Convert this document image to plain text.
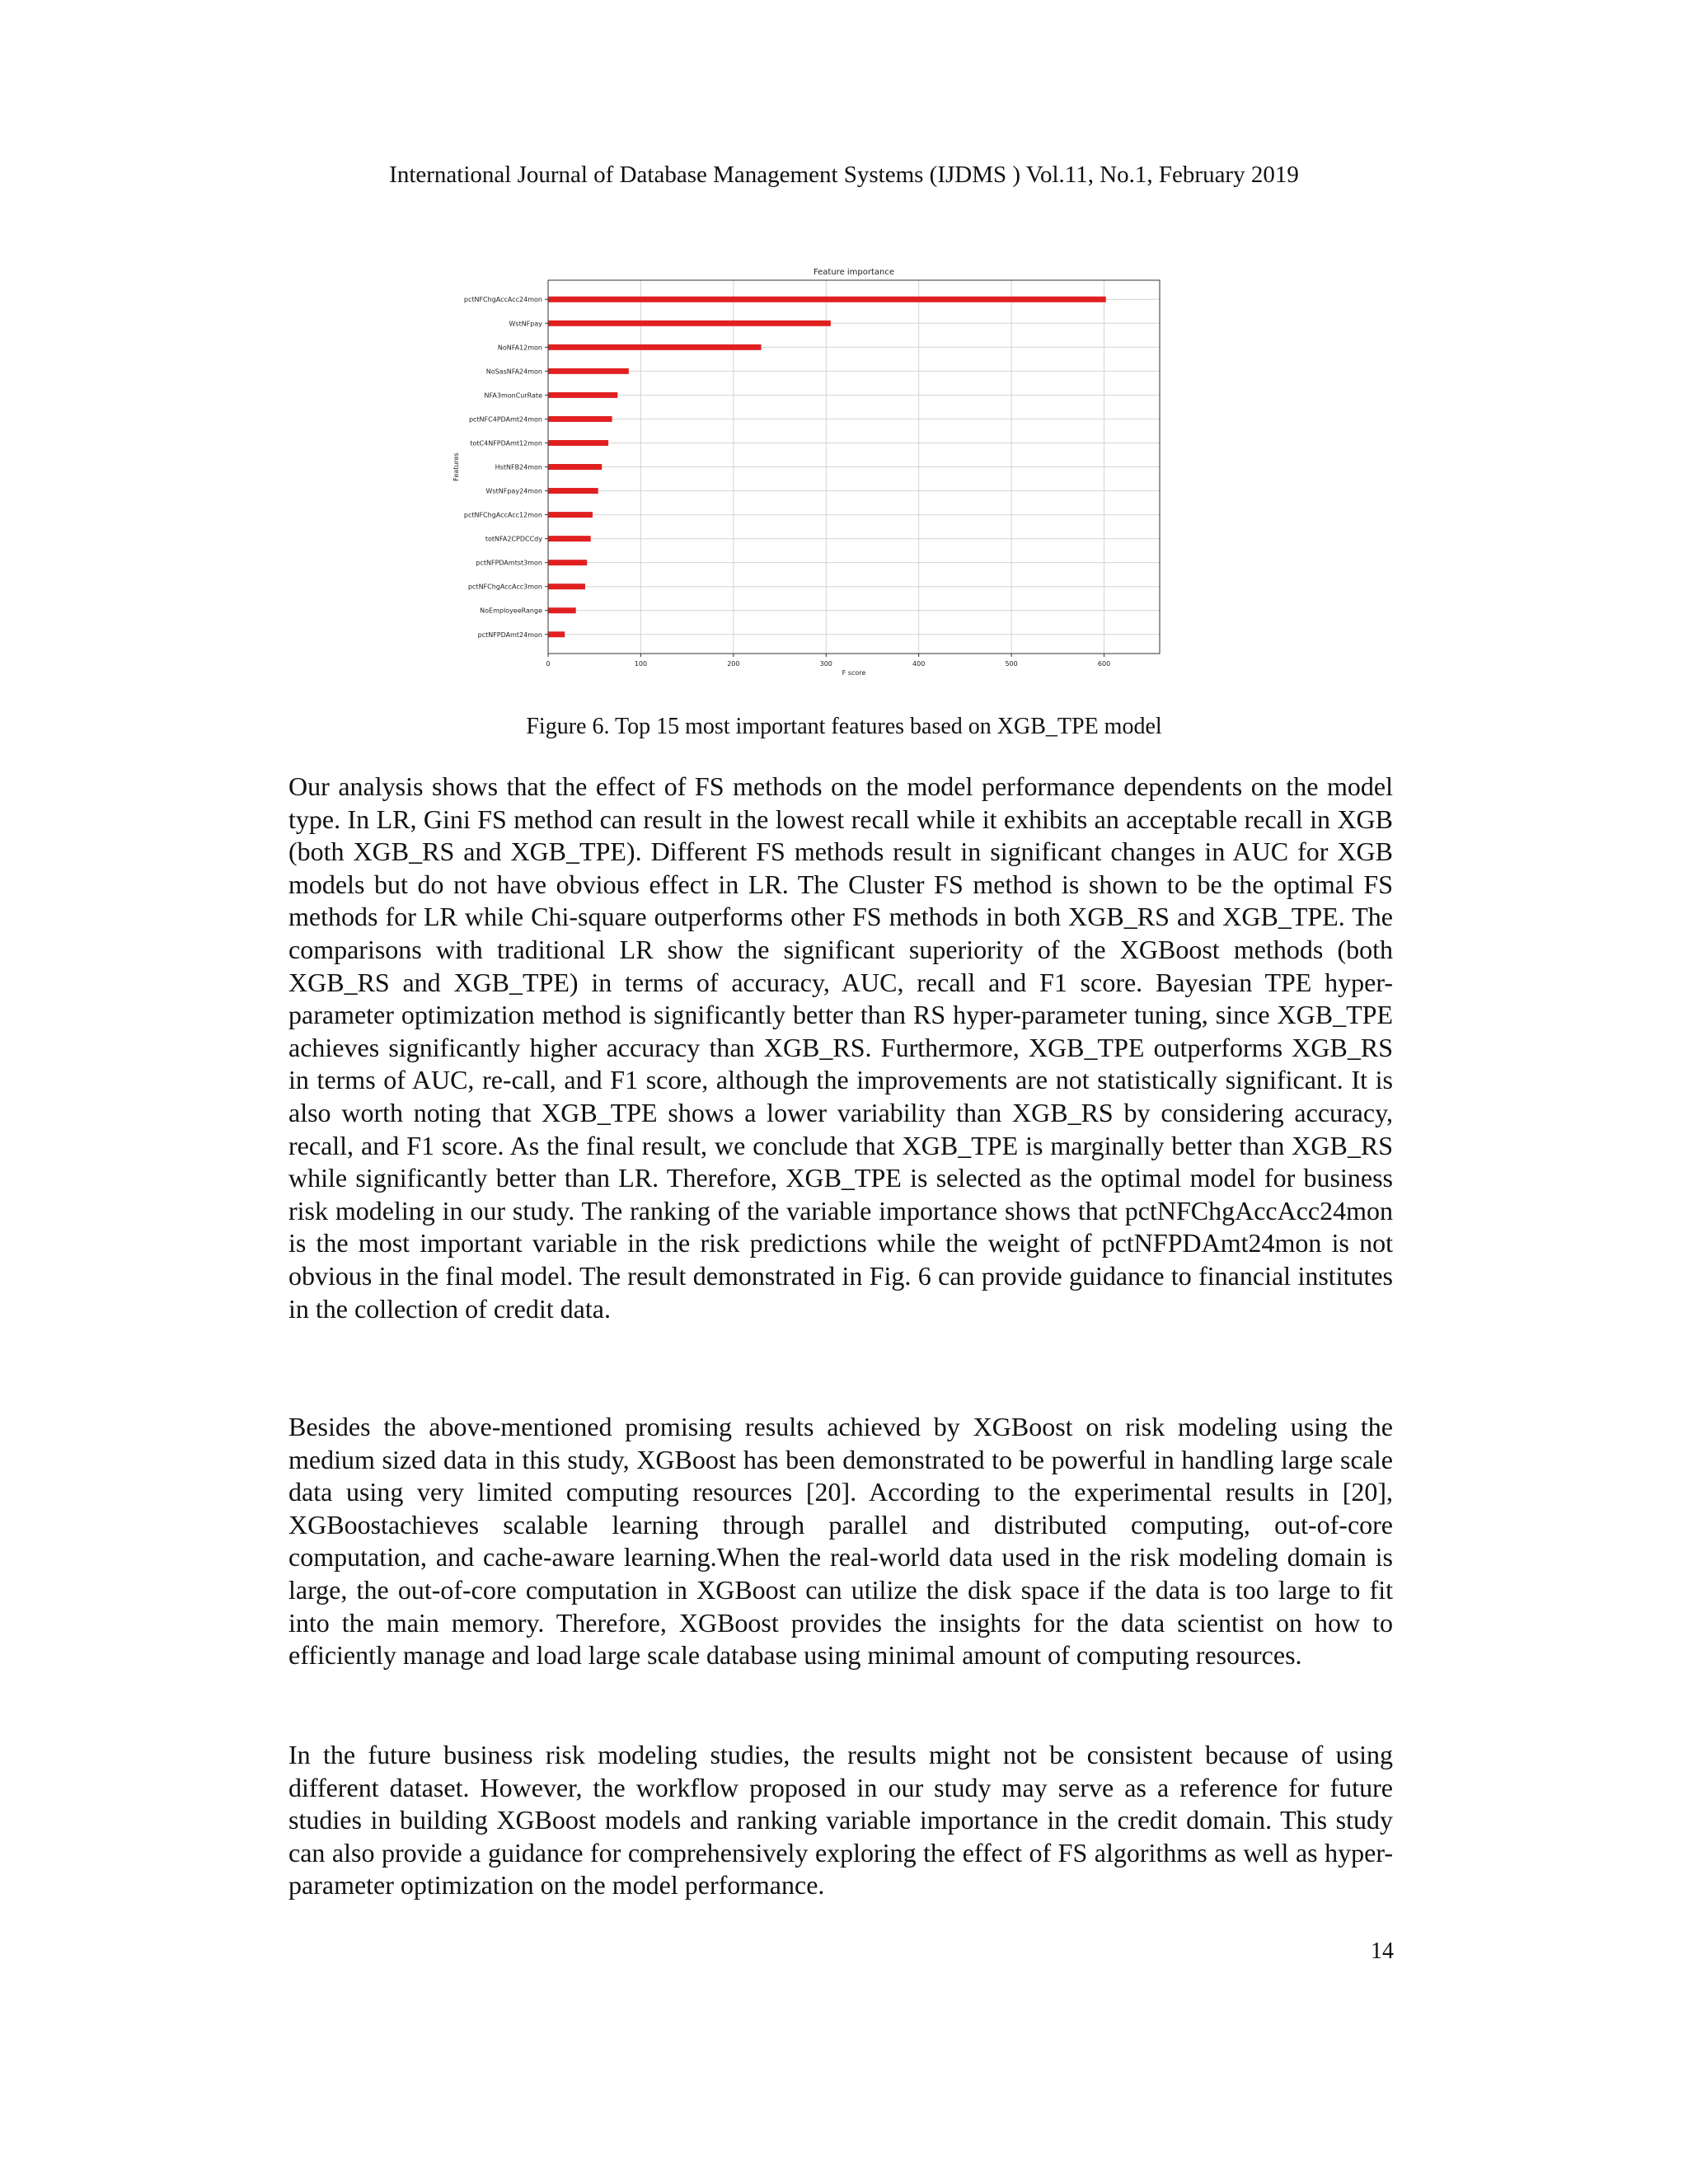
International Journal of Database Management Systems (IJDMS ) Vol.11, No.1, February 2019
Feature importance
pctNFChgAccAcc24mon
WstNFpay
NoNFA12mon
NoSasNFA24mon
NFA3monCurRate
pctNFC4PDAmt24mon
totC4NFPDAmt12mon
HstNFB24mon
WstNFpay24mon
pctNFChgAccAcc12mon
totNFA2CPDCCdy
pctNFPDAmtst3mon
pctNFChgAccAcc3mon
NoEmployeeRange
pctNFPDAmt24mon
0	100	200	300	400	500	600
F score
Features
Figure 6. Top 15 most important features based on XGB_TPE model

Our analysis shows that the effect of FS methods on the model performance dependents on the model type. In LR, Gini FS method can result in the lowest recall while it exhibits an acceptable recall in XGB (both XGB_RS and XGB_TPE). Different FS methods result in significant changes in AUC for XGB models but do not have obvious effect in LR. The Cluster FS method is shown to be the optimal FS methods for LR while Chi-square outperforms other FS methods in both XGB_RS and XGB_TPE. The comparisons with traditional LR show the significant superiority of the XGBoost methods (both XGB_RS and XGB_TPE) in terms of accuracy, AUC, recall and F1 score. Bayesian TPE hyper-parameter optimization method is significantly better than RS hyper-parameter tuning, since XGB_TPE achieves significantly higher accuracy than XGB_RS. Furthermore, XGB_TPE outperforms XGB_RS in terms of AUC, re-call, and F1 score, although the improvements are not statistically significant. It is also worth noting that XGB_TPE shows a lower variability than XGB_RS by considering accuracy, recall, and F1 score. As the final result, we conclude that XGB_TPE is marginally better than XGB_RS while significantly better than LR. Therefore, XGB_TPE is selected as the optimal model for business risk modeling in our study. The ranking of the variable importance shows that pctNFChgAccAcc24mon is the most important variable in the risk predictions while the weight of pctNFPDAmt24mon is not obvious in the final model. The result demonstrated in Fig. 6 can provide guidance to financial institutes in the collection of credit data.

Besides the above-mentioned promising results achieved by XGBoost on risk modeling using the medium sized data in this study, XGBoost has been demonstrated to be powerful in handling large scale data using very limited computing resources [20]. According to the experimental results in [20], XGBoostachieves scalable learning through parallel and distributed computing, out-of-core computation, and cache-aware learning.When the real-world data used in the risk modeling domain is large, the out-of-core computation in XGBoost can utilize the disk space if the data is too large to fit into the main memory. Therefore, XGBoost provides the insights for the data scientist on how to efficiently manage and load large scale database using minimal amount of computing resources.

In the future business risk modeling studies, the results might not be consistent because of using different dataset. However, the workflow proposed in our study may serve as a reference for future studies in building XGBoost models and ranking variable importance in the credit domain. This study can also provide a guidance for comprehensively exploring the effect of FS algorithms as well as hyper-parameter optimization on the model performance.

14
